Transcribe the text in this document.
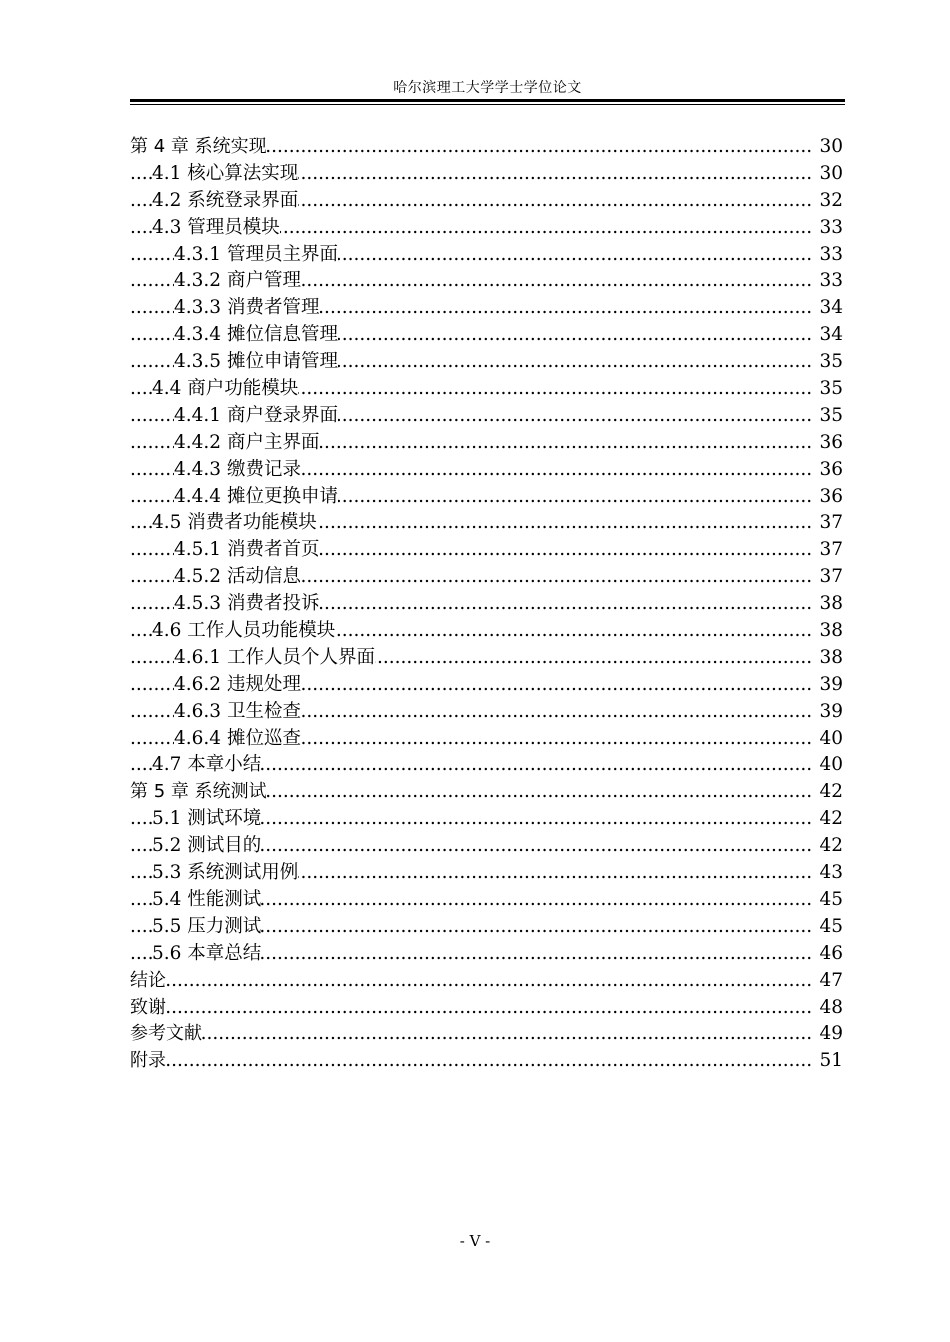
哈尔滨理工大学学士学位论文
.....
第 4 章 系统实现	30
.....
4.1 核心算法实现	30
.....
4.2 系统登录界面	32
.....
4.3 管理员模块	33
.....
4.3.1 管理员主界面	33
.....
4.3.2 商户管理	33
.....
4.3.3 消费者管理	34
.....
4.3.4 摊位信息管理	34
.....
4.3.5 摊位申请管理	35
.....
4.4 商户功能模块	35
.....
4.4.1 商户登录界面	35
.....
4.4.2 商户主界面	36
.....
4.4.3 缴费记录	36
.....
4.4.4 摊位更换申请	36
.....
4.5 消费者功能模块	37
.....
4.5.1 消费者首页	37
.....
4.5.2 活动信息	37
.....
4.5.3 消费者投诉	38
.....
4.6 工作人员功能模块	38
.....
4.6.1 工作人员个人界面	38
.....
4.6.2 违规处理	39
.....
4.6.3 卫生检查	39
.....
4.6.4 摊位巡查	40
.....
4.7 本章小结	40
.....
第 5 章 系统测试	42
.....
5.1 测试环境	42
.....
5.2 测试目的	42
.....
5.3 系统测试用例	43
.....
5.4 性能测试	45
.....
5.5 压力测试	45
.....
5.6 本章总结	46
.....
结论	47
.....
致谢	48
.....
参考文献	49
.....
附录	51
- V -
